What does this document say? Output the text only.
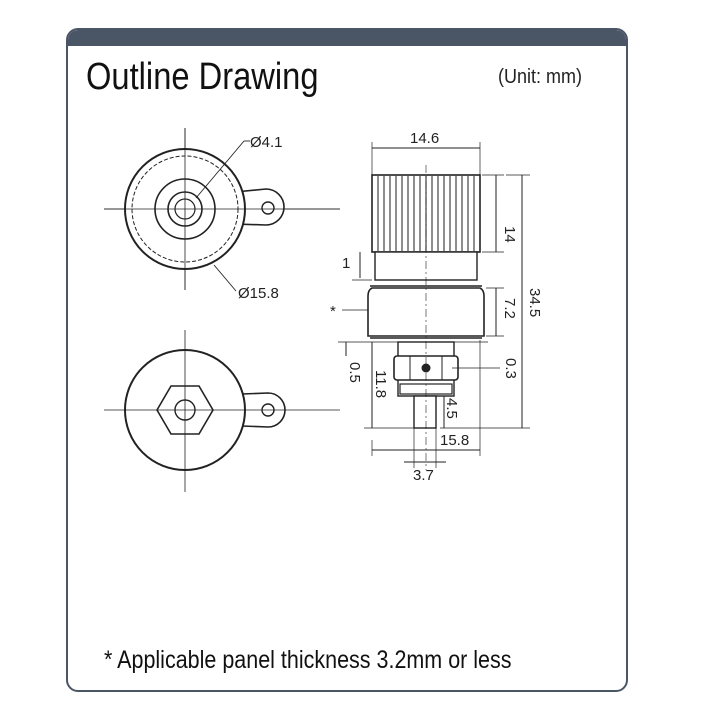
Outline Drawing	(Unit: mm)
* Applicable panel thickness 3.2mm or less
Ø4.1
Ø15.8
14.6
14
34.5
1
*	7.2
0.5 11.8
0.3
4.5
15.8
3.7
